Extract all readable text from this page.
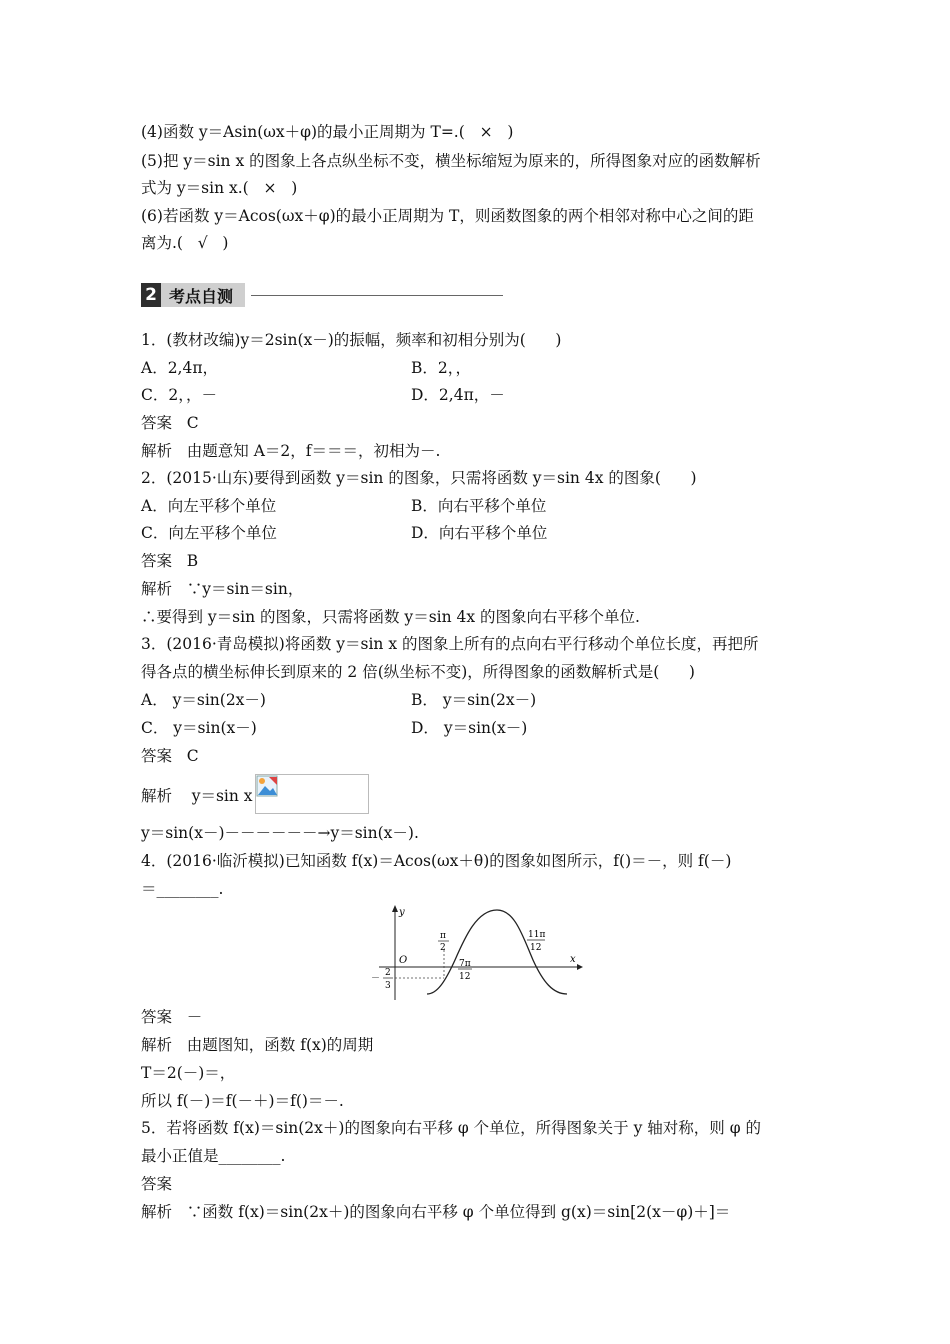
(4)函数 y＝Asin(ωx＋φ)的最小正周期为 T=.(   ×   )
(5)把 y＝sin x 的图象上各点纵坐标不变，横坐标缩短为原来的，所得图象对应的函数解析
式为 y＝sin x.(   ×   )
(6)若函数 y＝Acos(ωx＋φ)的最小正周期为 T，则函数图象的两个相邻对称中心之间的距
离为.(   √   )
2 考点自测
1．(教材改编)y＝2sin(x－)的振幅，频率和初相分别为(      )
A．2,4π，	B．2，，
C．2，，－	D．2,4π，－
答案   C
解析   由题意知 A＝2，f＝＝＝，初相为－.
2．(2015·山东)要得到函数 y＝sin 的图象，只需将函数 y＝sin 4x 的图象(      )
A．向左平移个单位	B．向右平移个单位
C．向左平移个单位	D．向右平移个单位
答案   B
解析   ∵y＝sin＝sin，
∴要得到 y＝sin 的图象，只需将函数 y＝sin 4x 的图象向右平移个单位.
3．(2016·青岛模拟)将函数 y＝sin x 的图象上所有的点向右平行移动个单位长度，再把所
得各点的横坐标伸长到原来的 2 倍(纵坐标不变)，所得图象的函数解析式是(      )
A． y＝sin(2x－)	B． y＝sin(2x－)
C． y＝sin(x－)	D． y＝sin(x－)
答案   C
解析    y＝sin x
y＝sin(x－)－－－－－－→y＝sin(x－).
4．(2016·临沂模拟)已知函数 f(x)＝Acos(ωx＋θ)的图象如图所示，f()＝－，则 f(－)
＝________.
y
x
O
π
2
7π
12
11π
12
－
2
3
答案   －
解析   由题图知，函数 f(x)的周期
T＝2(－)＝，
所以 f(－)＝f(－＋)＝f()＝－.
5．若将函数 f(x)＝sin(2x＋)的图象向右平移 φ 个单位，所得图象关于 y 轴对称，则 φ 的
最小正值是________.
答案
解析   ∵函数 f(x)＝sin(2x＋)的图象向右平移 φ 个单位得到 g(x)＝sin[2(x－φ)＋]＝
